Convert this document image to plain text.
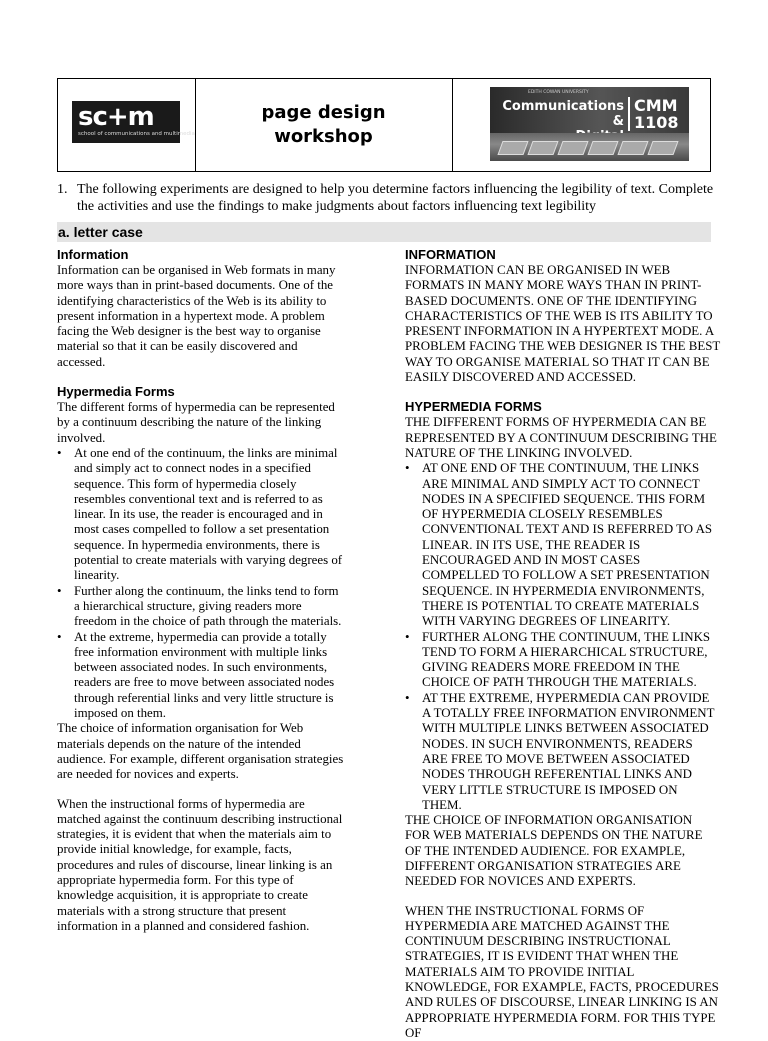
sc+m
school of communications and multimedia
page design
workshop
EDITH COWAN UNIVERSITY
Communications &
CMM
1108
1. The following experiments are designed to help you determine factors influencing the legibility of text. Complete the activities and use the findings to make judgments about factors influencing text legibility
a. letter case

Information

Information can be organised in Web formats in many more ways than in print-based documents. One of the identifying characteristics of the Web is its ability to present information in a hypertext mode. A problem facing the Web designer is the best way to organise material so that it can be easily discovered and accessed.

Hypermedia Forms

The different forms of hypermedia can be represented by a continuum describing the nature of the linking involved.

• At one end of the continuum, the links are minimal and simply act to connect nodes in a specified sequence. This form of hypermedia closely resembles conventional text and is referred to as linear. In its use, the reader is encouraged and in most cases compelled to follow a set presentation sequence. In hypermedia environments, there is potential to create materials with varying degrees of linearity.
• Further along the continuum, the links tend to form a hierarchical structure, giving readers more freedom in the choice of path through the materials.
• At the extreme, hypermedia can provide a totally free information environment with multiple links between associated nodes. In such environments, readers are free to move between associated nodes through referential links and very little structure is imposed on them.

The choice of information organisation for Web materials depends on the nature of the intended audience. For example, different organisation strategies are needed for novices and experts.

When the instructional forms of hypermedia are matched against the continuum describing instructional strategies, it is evident that when the materials aim to provide initial knowledge, for example, facts, procedures and rules of discourse, linear linking is an appropriate hypermedia form. For this type of knowledge acquisition, it is appropriate to create materials with a strong structure that present information in a planned and considered fashion.

INFORMATION

INFORMATION CAN BE ORGANISED IN WEB FORMATS IN MANY MORE WAYS THAN IN PRINT-BASED DOCUMENTS. ONE OF THE IDENTIFYING CHARACTERISTICS OF THE WEB IS ITS ABILITY TO PRESENT INFORMATION IN A HYPERTEXT MODE. A PROBLEM FACING THE WEB DESIGNER IS THE BEST WAY TO ORGANISE MATERIAL SO THAT IT CAN BE EASILY DISCOVERED AND ACCESSED.

HYPERMEDIA FORMS

THE DIFFERENT FORMS OF HYPERMEDIA CAN BE REPRESENTED BY A CONTINUUM DESCRIBING THE NATURE OF THE LINKING INVOLVED.

• AT ONE END OF THE CONTINUUM, THE LINKS ARE MINIMAL AND SIMPLY ACT TO CONNECT NODES IN A SPECIFIED SEQUENCE. THIS FORM OF HYPERMEDIA CLOSELY RESEMBLES CONVENTIONAL TEXT AND IS REFERRED TO AS LINEAR. IN ITS USE, THE READER IS ENCOURAGED AND IN MOST CASES COMPELLED TO FOLLOW A SET PRESENTATION SEQUENCE. IN HYPERMEDIA ENVIRONMENTS, THERE IS POTENTIAL TO CREATE MATERIALS WITH VARYING DEGREES OF LINEARITY.
• FURTHER ALONG THE CONTINUUM, THE LINKS TEND TO FORM A HIERARCHICAL STRUCTURE, GIVING READERS MORE FREEDOM IN THE CHOICE OF PATH THROUGH THE MATERIALS.
• AT THE EXTREME, HYPERMEDIA CAN PROVIDE A TOTALLY FREE INFORMATION ENVIRONMENT WITH MULTIPLE LINKS BETWEEN ASSOCIATED NODES. IN SUCH ENVIRONMENTS, READERS ARE FREE TO MOVE BETWEEN ASSOCIATED NODES THROUGH REFERENTIAL LINKS AND VERY LITTLE STRUCTURE IS IMPOSED ON THEM.

THE CHOICE OF INFORMATION ORGANISATION FOR WEB MATERIALS DEPENDS ON THE NATURE OF THE INTENDED AUDIENCE. FOR EXAMPLE, DIFFERENT ORGANISATION STRATEGIES ARE NEEDED FOR NOVICES AND EXPERTS.

WHEN THE INSTRUCTIONAL FORMS OF HYPERMEDIA ARE MATCHED AGAINST THE CONTINUUM DESCRIBING INSTRUCTIONAL STRATEGIES, IT IS EVIDENT THAT WHEN THE MATERIALS AIM TO PROVIDE INITIAL KNOWLEDGE, FOR EXAMPLE, FACTS, PROCEDURES AND RULES OF DISCOURSE, LINEAR LINKING IS AN APPROPRIATE HYPERMEDIA FORM. FOR THIS TYPE OF
